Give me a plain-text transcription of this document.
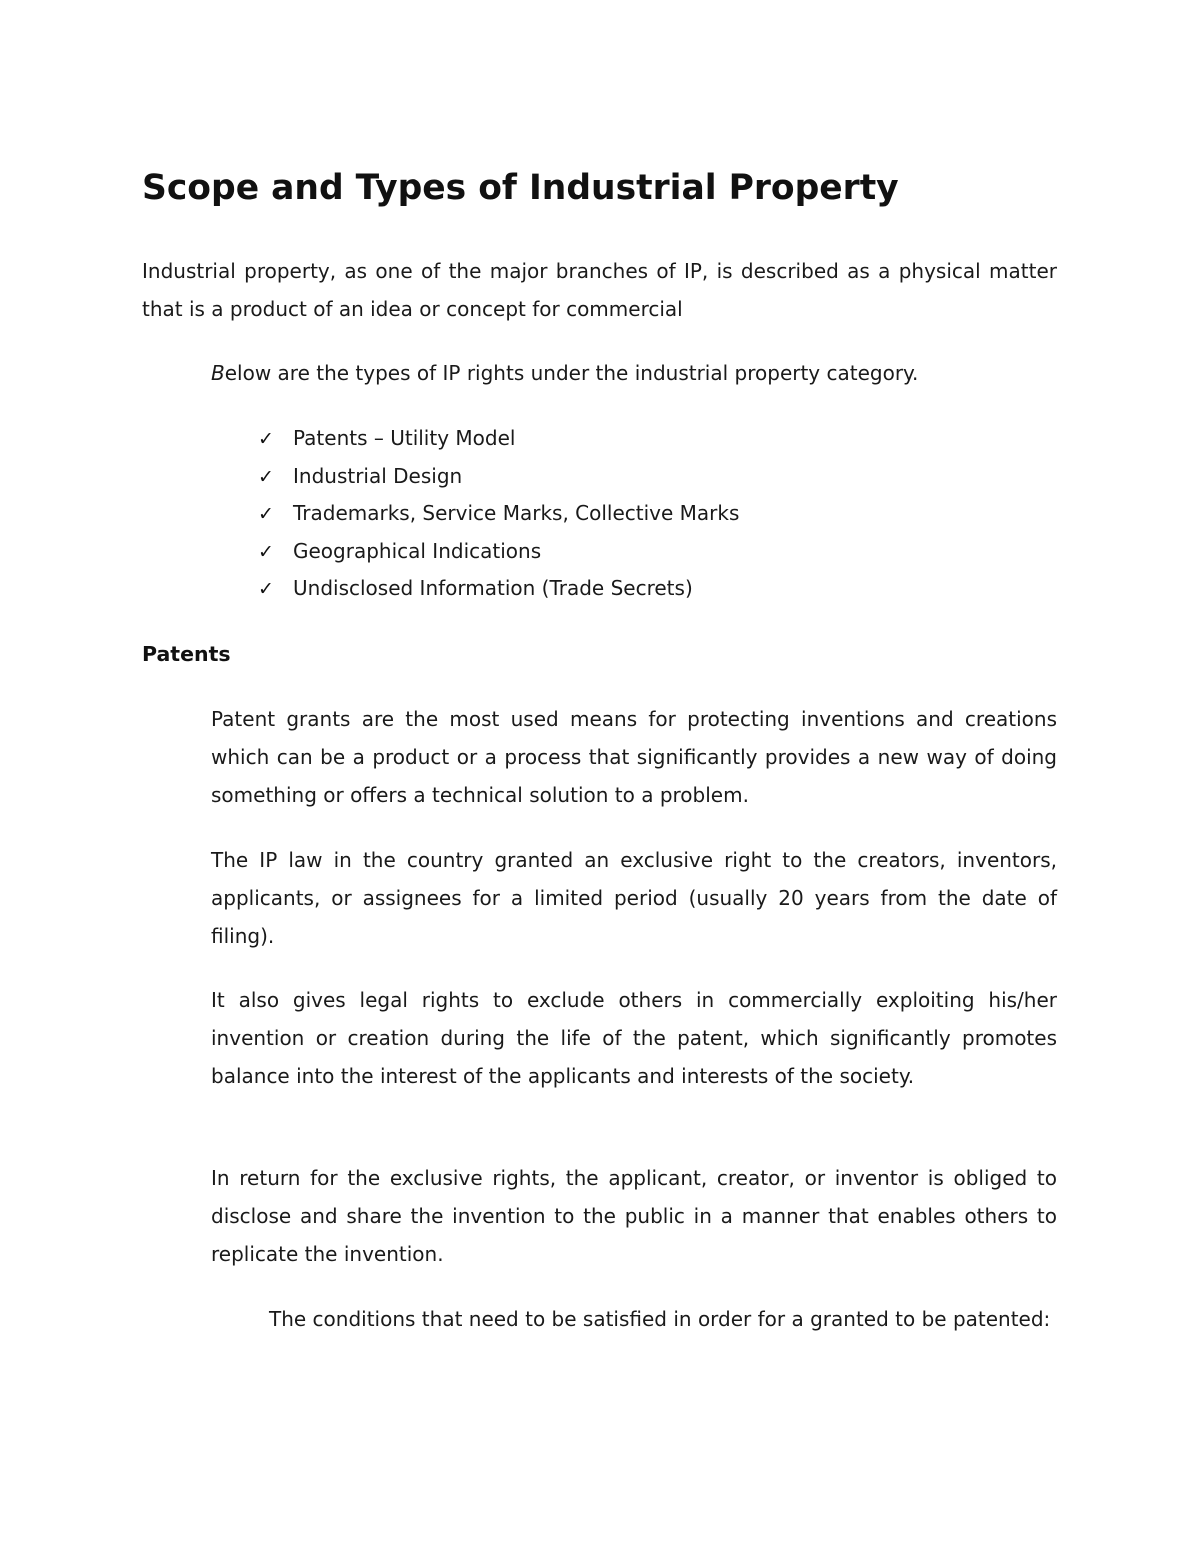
Scope and Types of Industrial Property

Industrial property, as one of the major branches of IP, is described as a physical matter that is a product of an idea or concept for commercial

Below are the types of IP rights under the industrial property category.

✓ Patents – Utility Model
✓ Industrial Design
✓ Trademarks, Service Marks, Collective Marks
✓ Geographical Indications
✓ Undisclosed Information (Trade Secrets)
Patents

Patent grants are the most used means for protecting inventions and creations which can be a product or a process that significantly provides a new way of doing something or offers a technical solution to a problem.

The IP law in the country granted an exclusive right to the creators, inventors, applicants, or assignees for a limited period (usually 20 years from the date of filing).

It also gives legal rights to exclude others in commercially exploiting his/her invention or creation during the life of the patent, which significantly promotes balance into the interest of the applicants and interests of the society.

In return for the exclusive rights, the applicant, creator, or inventor is obliged to disclose and share the invention to the public in a manner that enables others to replicate the invention.

The conditions that need to be satisfied in order for a granted to be patented:
